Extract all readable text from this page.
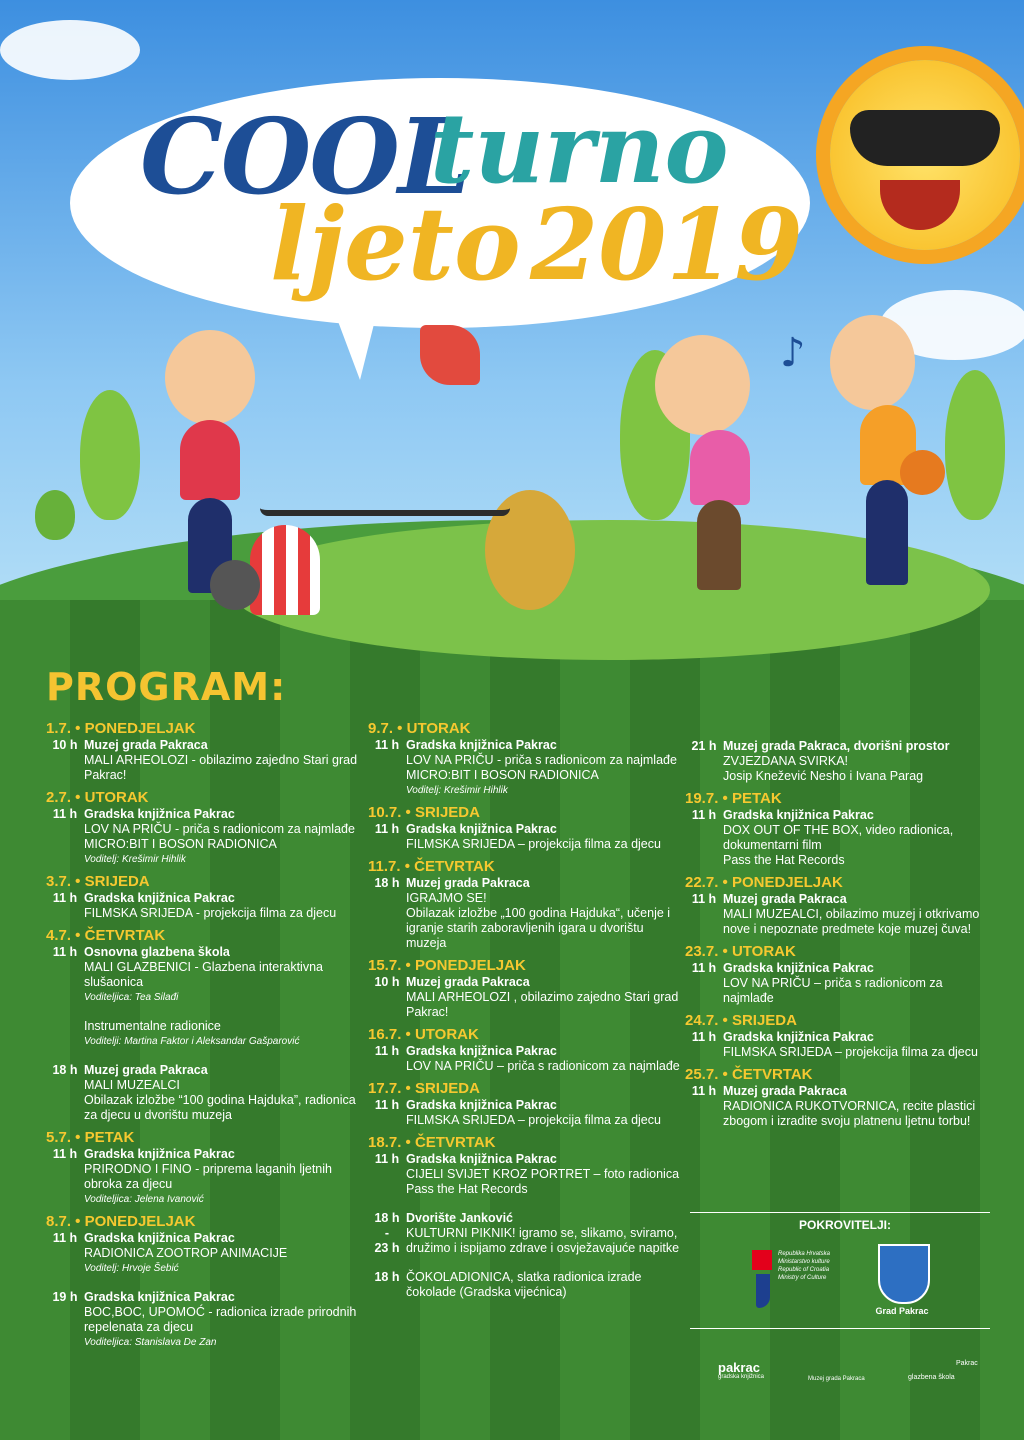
COOL
turno
ljeto 2019
♪
PROGRAM:
1.7. • PONEDJELJAK
10 h Muzej grada Pakraca
MALI ARHEOLOZI - obilazimo zajedno Stari grad Pakrac!
2.7. • UTORAK
11 h Gradska knjižnica Pakrac
LOV NA PRIČU - priča s radionicom za najmlađe
MICRO:BIT I BOSON RADIONICA
Voditelj: Krešimir Hihlik
3.7. • SRIJEDA
11 h Gradska knjižnica Pakrac
FILMSKA SRIJEDA - projekcija filma za djecu
4.7. • ČETVRTAK
11 h Osnovna glazbena škola
MALI GLAZBENICI - Glazbena interaktivna slušaonica
Voditeljica: Tea Silađi
Instrumentalne radionice
Voditelji: Martina Faktor i Aleksandar Gašparović
18 h Muzej grada Pakraca
MALI MUZEALCI
Obilazak izložbe “100 godina Hajduka”, radionica za djecu u dvorištu muzeja
5.7. • PETAK
11 h Gradska knjižnica Pakrac
PRIRODNO I FINO - priprema laganih ljetnih obroka za djecu
Voditeljica: Jelena Ivanović
8.7. • PONEDJELJAK
11 h Gradska knjižnica Pakrac
RADIONICA ZOOTROP ANIMACIJE
Voditelj: Hrvoje Šebić
19 h Gradska knjižnica Pakrac
BOC,BOC, UPOMOĆ - radionica izrade prirodnih repelenata za djecu
Voditeljica: Stanislava De Zan
9.7. • UTORAK
11 h Gradska knjižnica Pakrac
LOV NA PRIČU - priča s radionicom za najmlađe
MICRO:BIT I BOSON RADIONICA
Voditelj: Krešimir Hihlik
10.7. • SRIJEDA
11 h Gradska knjižnica Pakrac
FILMSKA SRIJEDA – projekcija filma za djecu
11.7. • ČETVRTAK
18 h Muzej grada Pakraca
IGRAJMO SE!
Obilazak izložbe „100 godina Hajduka“, učenje i igranje starih zaboravljenih igara u dvorištu muzeja
15.7. • PONEDJELJAK
10 h Muzej grada Pakraca
MALI ARHEOLOZI , obilazimo zajedno Stari grad Pakrac!
16.7. • UTORAK
11 h Gradska knjižnica Pakrac
LOV NA PRIČU – priča s radionicom za najmlađe
17.7. • SRIJEDA
11 h Gradska knjižnica Pakrac
FILMSKA SRIJEDA – projekcija filma za djecu
18.7. • ČETVRTAK
11 h Gradska knjižnica Pakrac
CIJELI SVIJET KROZ PORTRET – foto radionica Pass the Hat Records
18 h
-
23 h
Dvorište Janković
KULTURNI PIKNIK! igramo se, slikamo, sviramo, družimo i ispijamo zdrave i osvježavajuće napitke
18 h ČOKOLADIONICA, slatka radionica izrade čokolade (Gradska vijećnica)
21 h Muzej grada Pakraca, dvorišni prostor
ZVJEZDANA SVIRKA!
Josip Knežević Nesho i Ivana Parag
19.7. • PETAK
11 h Gradska knjižnica Pakrac
DOX OUT OF THE BOX, video radionica, dokumentarni film
Pass the Hat Records
22.7. • PONEDJELJAK
11 h Muzej grada Pakraca
MALI MUZEALCI, obilazimo muzej i otkrivamo nove i nepoznate predmete koje muzej čuva!
23.7. • UTORAK
11 h Gradska knjižnica Pakrac
LOV NA PRIČU – priča s radionicom za najmlađe
24.7. • SRIJEDA
11 h Gradska knjižnica Pakrac
FILMSKA SRIJEDA – projekcija filma za djecu
25.7. • ČETVRTAK
11 h Muzej grada Pakraca
RADIONICA RUKOTVORNICA, recite plastici zbogom i izradite svoju platnenu ljetnu torbu!
POKROVITELJI:
Republika Hrvatska Ministarstvo kulture Republic of Croatia Ministry of Culture
Grad Pakrac
pakrac
gradska knjižnica	Muzej grada Pakraca	glazbena škola
Pakrac
